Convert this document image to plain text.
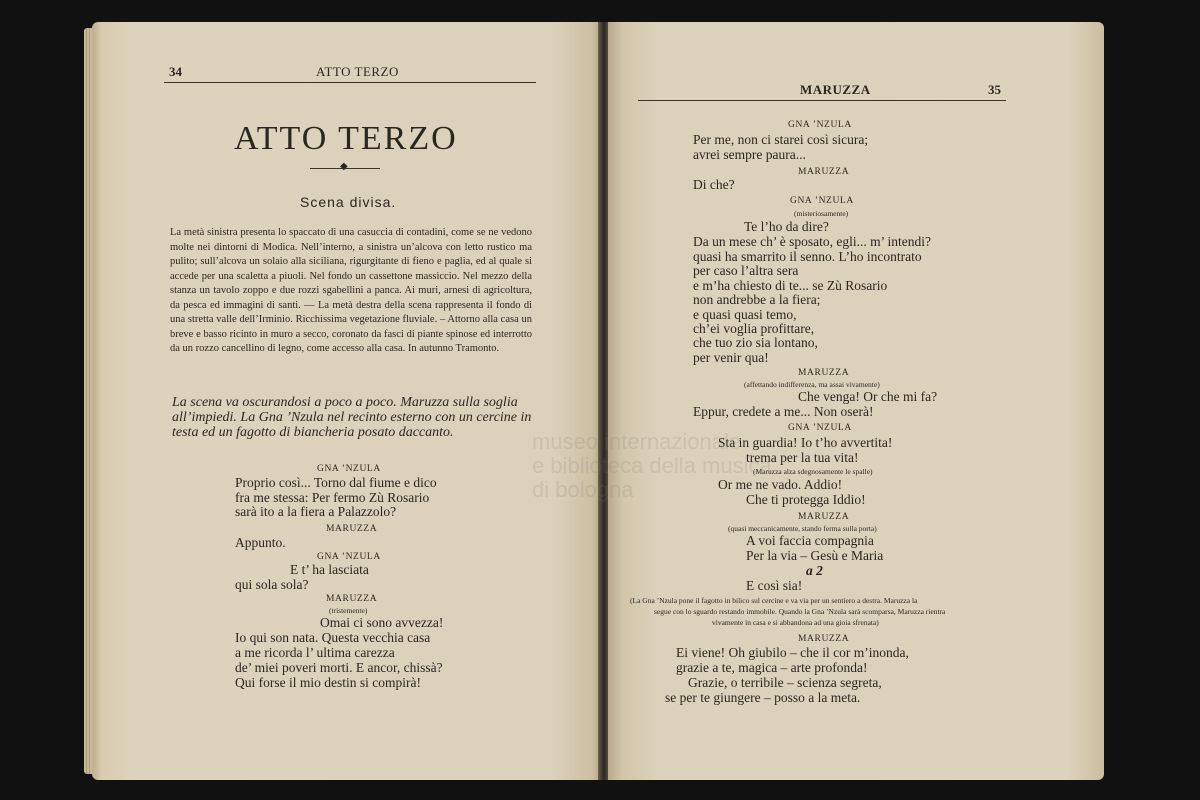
34	ATTO TERZO
ATTO TERZO
◆
Scena divisa.
La metà sinistra presenta lo spaccato di una casuccia di contadini, come se ne vedono molte nei dintorni di Modica. Nell’interno, a sinistra un’alcova con letto rustico ma pulito; sull’alcova un solaio alla siciliana, rigurgitante di fieno e paglia, ed al quale si accede per una scaletta a piuoli. Nel fondo un cassettone massiccio. Nel mezzo della stanza un tavolo zoppo e due rozzi sgabellini a panca. Ai muri, arnesi di agricoltura, da pesca ed immagini di santi. — La metà destra della scena rappresenta il fondo di una stretta valle dell’Irminio. Ricchissima vegetazione fluviale. – Attorno alla casa un breve e basso ricinto in muro a secco, coronato da fasci di piante spinose ed interrotto da un rozzo cancellino di legno, come accesso alla casa. In autunno Tramonto.
La scena va oscurandosi a poco a poco. Maruzza sulla soglia all’impiedi. La Gna ’Nzula nel recinto esterno con un cercine in testa ed un fagotto di biancheria posato daccanto.
GNA ’NZULA
Proprio così... Torno dal fiume e dico
fra me stessa: Per fermo Zù Rosario
sarà ito a la fiera a Palazzolo?
MARUZZA
Appunto.
GNA ’NZULA
E t’ ha lasciata
qui sola sola?
MARUZZA
(tristemente)
Omai ci sono avvezza!
Io qui son nata. Questa vecchia casa
a me ricorda l’ ultima carezza
de’ miei poveri morti. E ancor, chissà?
Qui forse il mio destin si compirà!
MARUZZA	35
GNA ’NZULA
Per me, non ci starei così sicura;
avrei sempre paura...
MARUZZA
Di che?
GNA ’NZULA
(misteriosamente)
Te l’ho da dire?
Da un mese ch’ è sposato, egli... m’ intendi?
quasi ha smarrito il senno. L’ho incontrato
per caso l’altra sera
e m’ha chiesto di te... se Zù Rosario
non andrebbe a la fiera;
e quasi quasi temo,
ch’ei voglia profittare,
che tuo zio sia lontano,
per venir qua!
MARUZZA
(affettando indifferenza, ma assai vivamente)
Che venga! Or che mi fa?
Eppur, credete a me... Non oserà!
GNA ’NZULA
Sta in guardia! Io t’ho avvertita!
trema per la tua vita!
(Maruzza alza sdegnosamente le spalle)
Or me ne vado. Addio!
Che ti protegga Iddio!
MARUZZA
(quasi meccanicamente, stando ferma sulla porta)
A voi faccia compagnia
Per la via – Gesù e Maria
a 2
E così sia!
(La Gna ’Nzula pone il fagotto in bilico sul cercine e va via per un sentiero a destra. Maruzza la
segue con lo sguardo restando immobile. Quando la Gna ’Nzula sarà scomparsa, Maruzza rientra
vivamente in casa e si abbandona ad una gioia sfrenata)
MARUZZA
Ei viene! Oh giubilo – che il cor m’inonda,
grazie a te, magica – arte profonda!
Grazie, o terribile – scienza segreta,
se per te giungere – posso a la meta.
museo internazionale
e biblioteca della musica
di bologna
